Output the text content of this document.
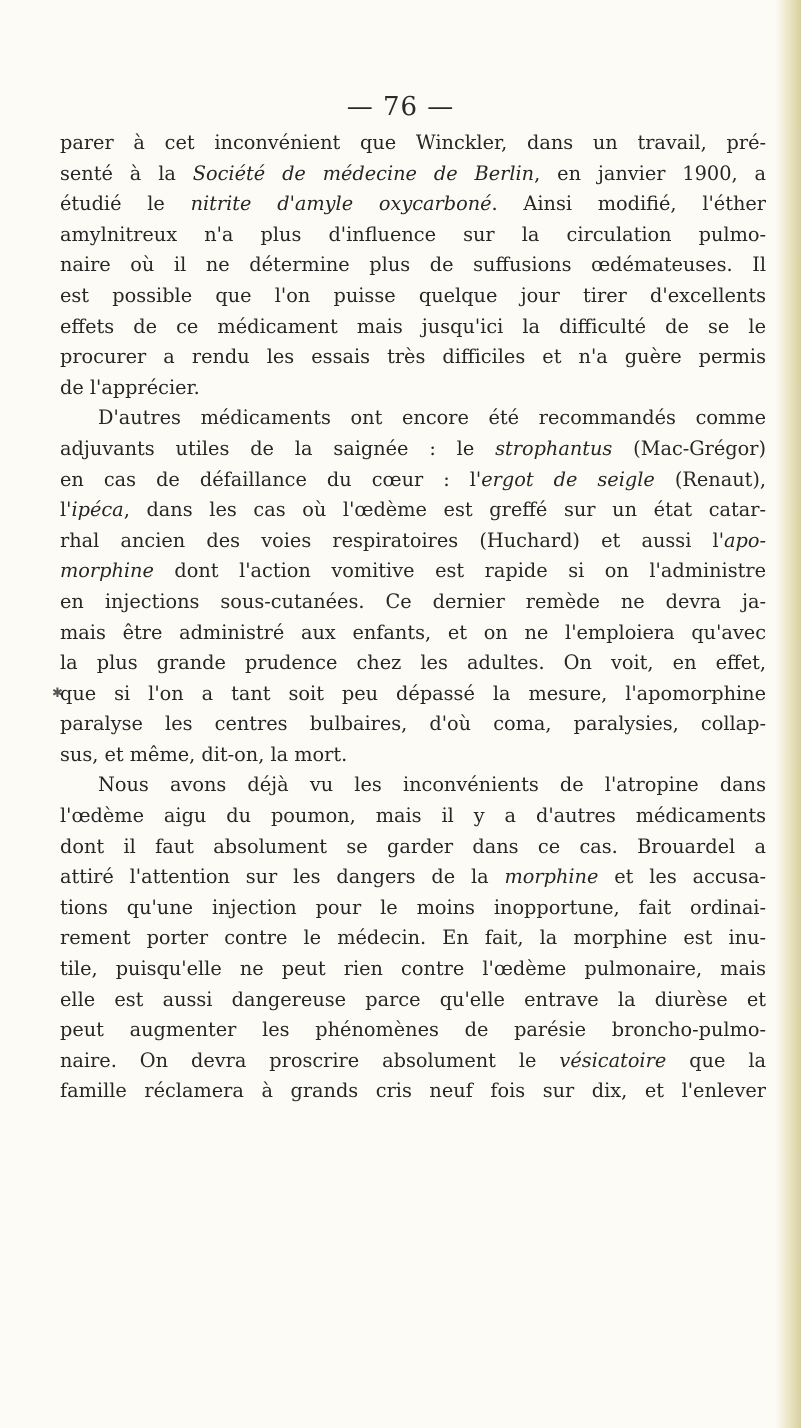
— 76 —
✱
parer à cet inconvénient que Winckler, dans un travail, pré-
senté à la Société de médecine de Berlin, en janvier 1900, a
étudié le nitrite d'amyle oxycarboné. Ainsi modifié, l'éther
amylnitreux n'a plus d'influence sur la circulation pulmo-
naire où il ne détermine plus de suffusions œdémateuses. Il
est possible que l'on puisse quelque jour tirer d'excellents
effets de ce médicament mais jusqu'ici la difficulté de se le
procurer a rendu les essais très difficiles et n'a guère permis
de l'apprécier.
D'autres médicaments ont encore été recommandés comme
adjuvants utiles de la saignée : le strophantus (Mac-Grégor)
en cas de défaillance du cœur : l'ergot de seigle (Renaut),
l'ipéca, dans les cas où l'œdème est greffé sur un état catar-
rhal ancien des voies respiratoires (Huchard) et aussi l'apo-
morphine dont l'action vomitive est rapide si on l'administre
en injections sous-cutanées. Ce dernier remède ne devra ja-
mais être administré aux enfants, et on ne l'emploiera qu'avec
la plus grande prudence chez les adultes. On voit, en effet,
que si l'on a tant soit peu dépassé la mesure, l'apomorphine
paralyse les centres bulbaires, d'où coma, paralysies, collap-
sus, et même, dit-on, la mort.
Nous avons déjà vu les inconvénients de l'atropine dans
l'œdème aigu du poumon, mais il y a d'autres médicaments
dont il faut absolument se garder dans ce cas. Brouardel a
attiré l'attention sur les dangers de la morphine et les accusa-
tions qu'une injection pour le moins inopportune, fait ordinai-
rement porter contre le médecin. En fait, la morphine est inu-
tile, puisqu'elle ne peut rien contre l'œdème pulmonaire, mais
elle est aussi dangereuse parce qu'elle entrave la diurèse et
peut augmenter les phénomènes de parésie broncho-pulmo-
naire. On devra proscrire absolument le vésicatoire que la
famille réclamera à grands cris neuf fois sur dix, et l'enlever
